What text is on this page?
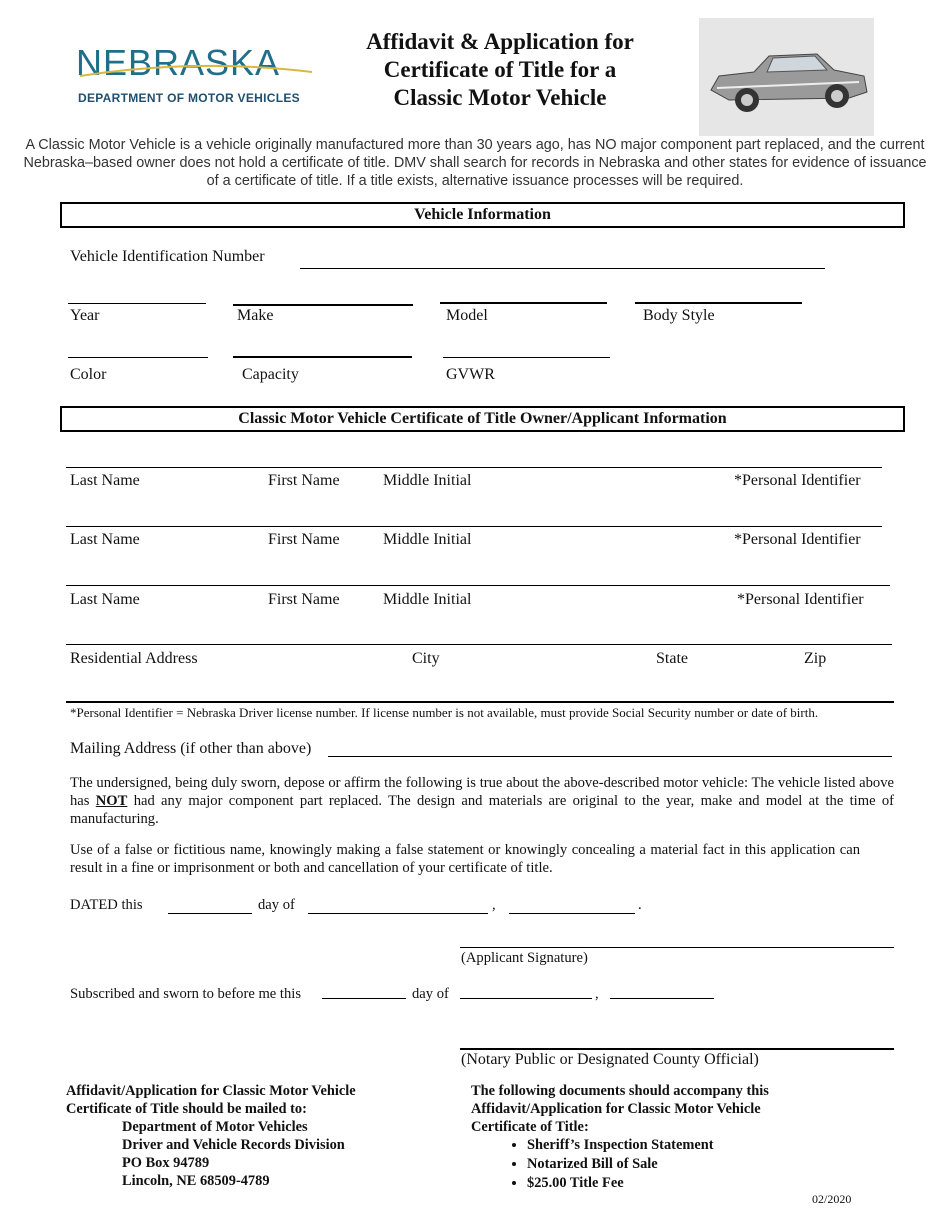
NEBRASKA
DEPARTMENT OF MOTOR VEHICLES
Affidavit & Application for
Certificate of Title for a
Classic Motor Vehicle
A Classic Motor Vehicle is a vehicle originally manufactured more than 30 years ago, has NO major component part replaced, and the current Nebraska–based owner does not hold a certificate of title. DMV shall search for records in Nebraska and other states for evidence of issuance of a certificate of title. If a title exists, alternative issuance processes will be required.
Vehicle Information
Vehicle Identification Number
Year	Make	Model	Body Style
Color	Capacity	GVWR
Classic Motor Vehicle Certificate of Title Owner/Applicant Information
Last Name	First Name	Middle Initial	*Personal Identifier
Last Name	First Name	Middle Initial	*Personal Identifier
Last Name	First Name	Middle Initial	*Personal Identifier
Residential Address	City	State	Zip
*Personal Identifier = Nebraska Driver license number. If license number is not available, must provide Social Security number or date of birth.
Mailing Address (if other than above)
The undersigned, being duly sworn, depose or affirm the following is true about the above-described motor vehicle: The vehicle listed above has NOT had any major component part replaced. The design and materials are original to the year, make and model at the time of manufacturing.
Use of a false or fictitious name, knowingly making a false statement or knowingly concealing a material fact in this application can result in a fine or imprisonment or both and cancellation of your certificate of title.
DATED this	day of	,	.
(Applicant Signature)
Subscribed and sworn to before me this	day of	,
(Notary Public or Designated County Official)
Affidavit/Application for Classic Motor Vehicle
Certificate of Title should be mailed to:
Department of Motor Vehicles
Driver and Vehicle Records Division
PO Box 94789
Lincoln, NE 68509-4789
The following documents should accompany this
Affidavit/Application for Classic Motor Vehicle
Certificate of Title:
• Sheriff’s Inspection Statement
• Notarized Bill of Sale
• $25.00 Title Fee
02/2020
